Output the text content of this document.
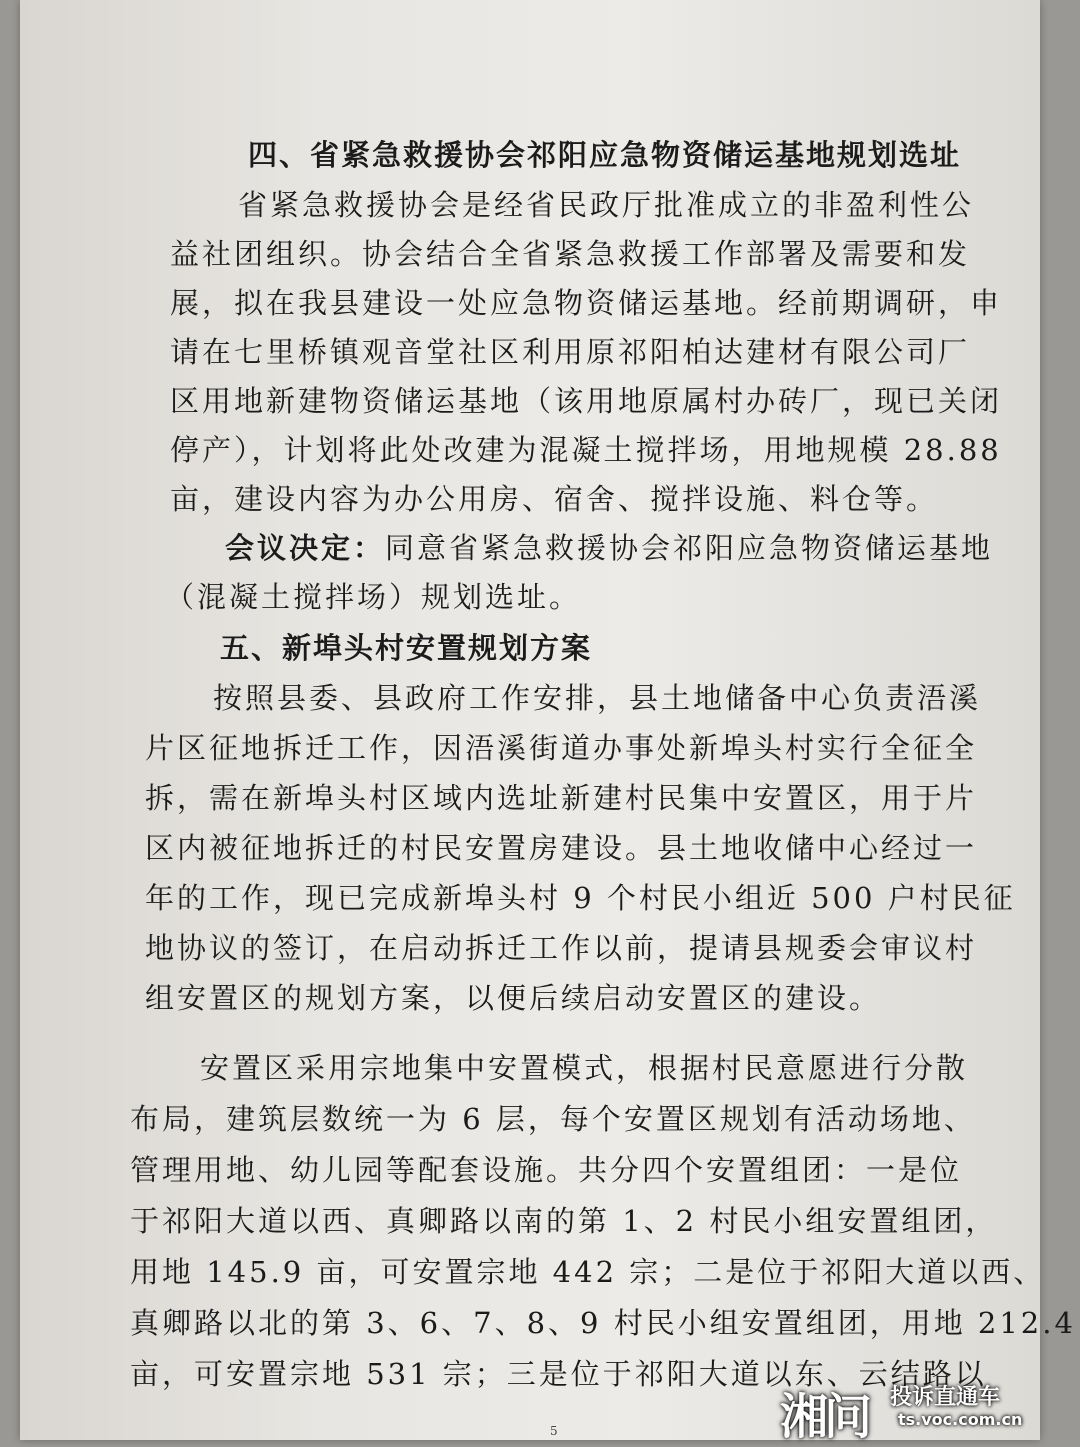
四、省紧急救援协会祁阳应急物资储运基地规划选址
省紧急救援协会是经省民政厅批准成立的非盈利性公
益社团组织。协会结合全省紧急救援工作部署及需要和发
展，拟在我县建设一处应急物资储运基地。经前期调研，申
请在七里桥镇观音堂社区利用原祁阳柏达建材有限公司厂
区用地新建物资储运基地（该用地原属村办砖厂，现已关闭
停产），计划将此处改建为混凝土搅拌场，用地规模 28.88
亩，建设内容为办公用房、宿舍、搅拌设施、料仓等。
会议决定：同意省紧急救援协会祁阳应急物资储运基地
（混凝土搅拌场）规划选址。
五、新埠头村安置规划方案
按照县委、县政府工作安排，县土地储备中心负责浯溪
片区征地拆迁工作，因浯溪街道办事处新埠头村实行全征全
拆，需在新埠头村区域内选址新建村民集中安置区，用于片
区内被征地拆迁的村民安置房建设。县土地收储中心经过一
年的工作，现已完成新埠头村 9 个村民小组近 500 户村民征
地协议的签订，在启动拆迁工作以前，提请县规委会审议村
组安置区的规划方案，以便后续启动安置区的建设。
安置区采用宗地集中安置模式，根据村民意愿进行分散
布局，建筑层数统一为 6 层，每个安置区规划有活动场地、
管理用地、幼儿园等配套设施。共分四个安置组团：一是位
于祁阳大道以西、真卿路以南的第 1、2 村民小组安置组团，
用地 145.9 亩，可安置宗地 442 宗；二是位于祁阳大道以西、
真卿路以北的第 3、6、7、8、9 村民小组安置组团，用地 212.4
亩，可安置宗地 531 宗；三是位于祁阳大道以东、云结路以
5	湘问 投诉直通车
ts.voc.com.cn
